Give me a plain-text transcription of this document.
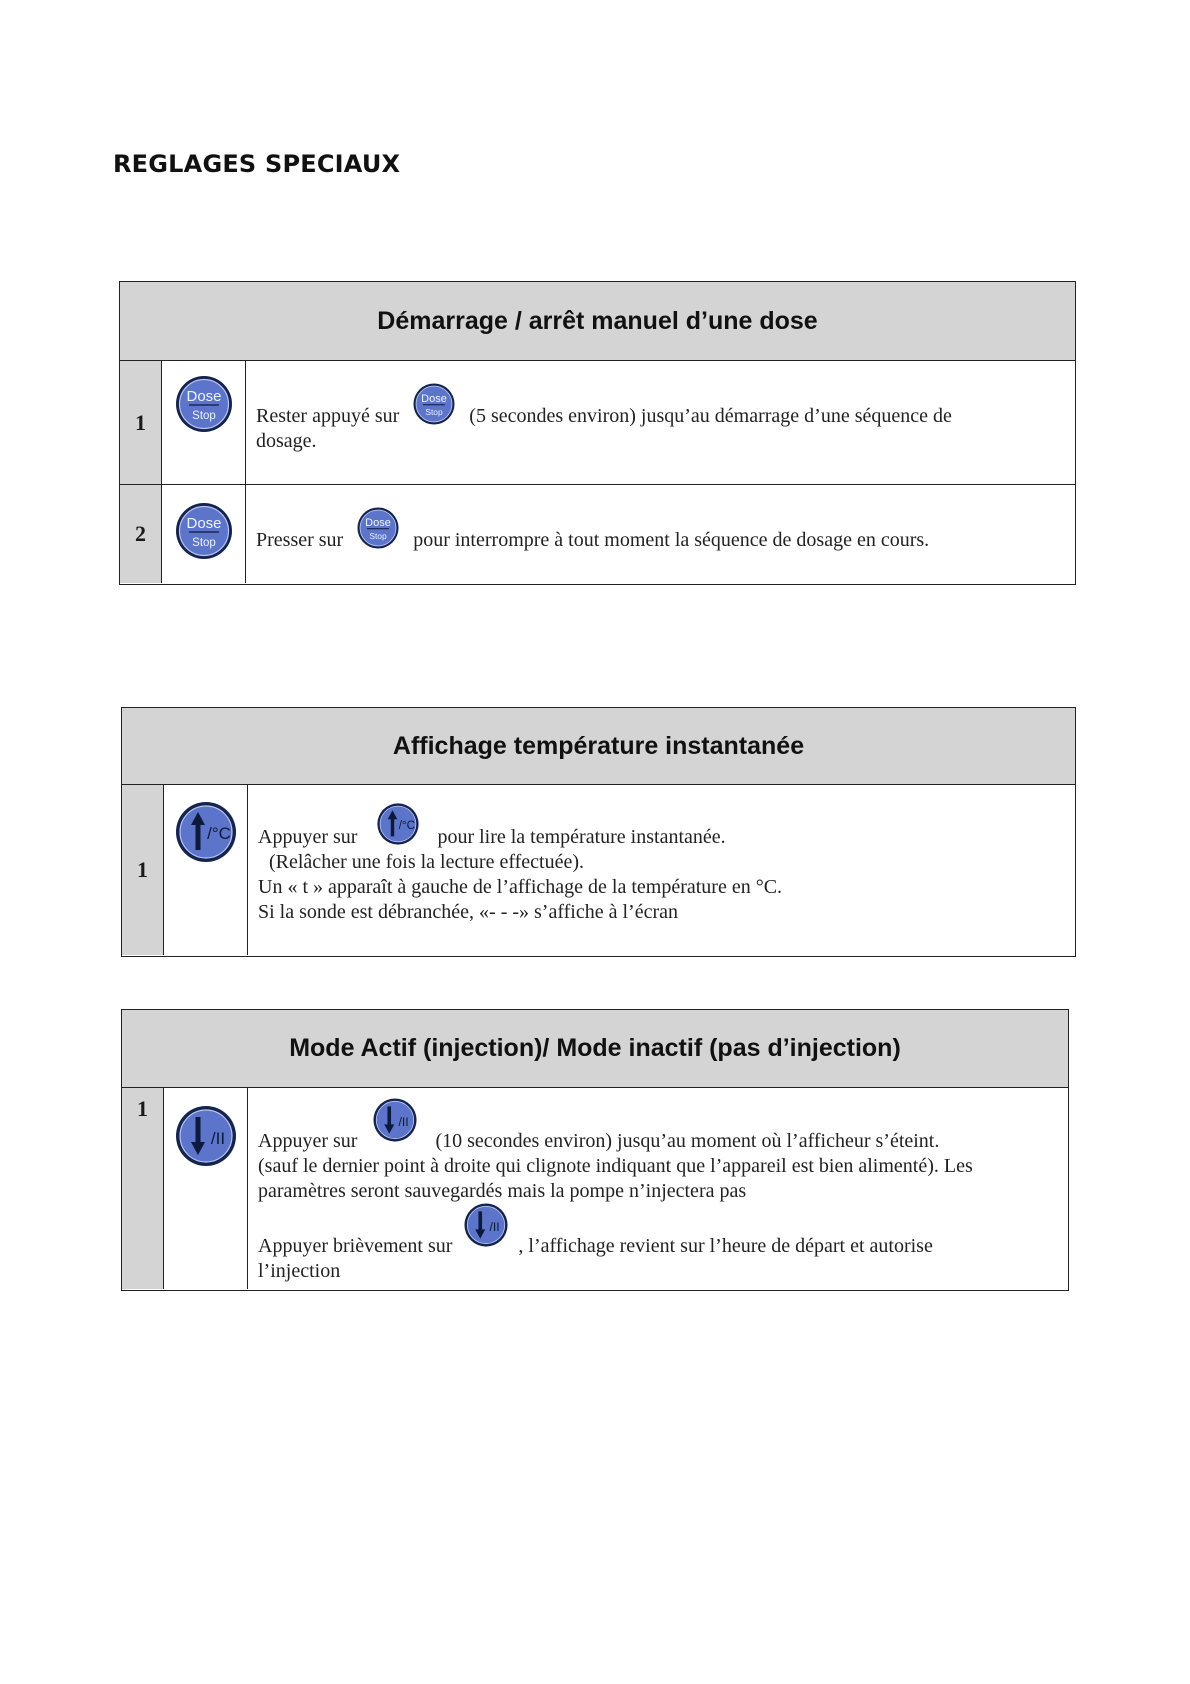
REGLAGES SPECIAUX
Démarrage / arrêt manuel d’une dose
1
Dose
Stop Rester appuyé sur
Dose
Stop (5 secondes environ) jusqu’au démarrage d’une séquence de
dosage.
2	Dose
Stop Presser sur
Dose
Stop pour interrompre à tout moment la séquence de dosage en cours.
Affichage température instantanée
1
/°C Appuyer sur
/°C
pour lire la température instantanée.
(Relâcher une fois la lecture effectuée).
Un « t » apparaît à gauche de l’affichage de la température en °C.
Si la sonde est débranchée, «- - -» s’affiche à l’écran
Mode Actif (injection)/ Mode inactif (pas d’injection)
1
/II Appuyer sur
/II
(10 secondes environ) jusqu’au moment où l’afficheur s’éteint.
(sauf le dernier point à droite qui clignote indiquant que l’appareil est bien alimenté). Les
paramètres seront sauvegardés mais la pompe n’injectera pas
Appuyer brièvement sur
/II
, l’affichage revient sur l’heure de départ et autorise
l’injection
